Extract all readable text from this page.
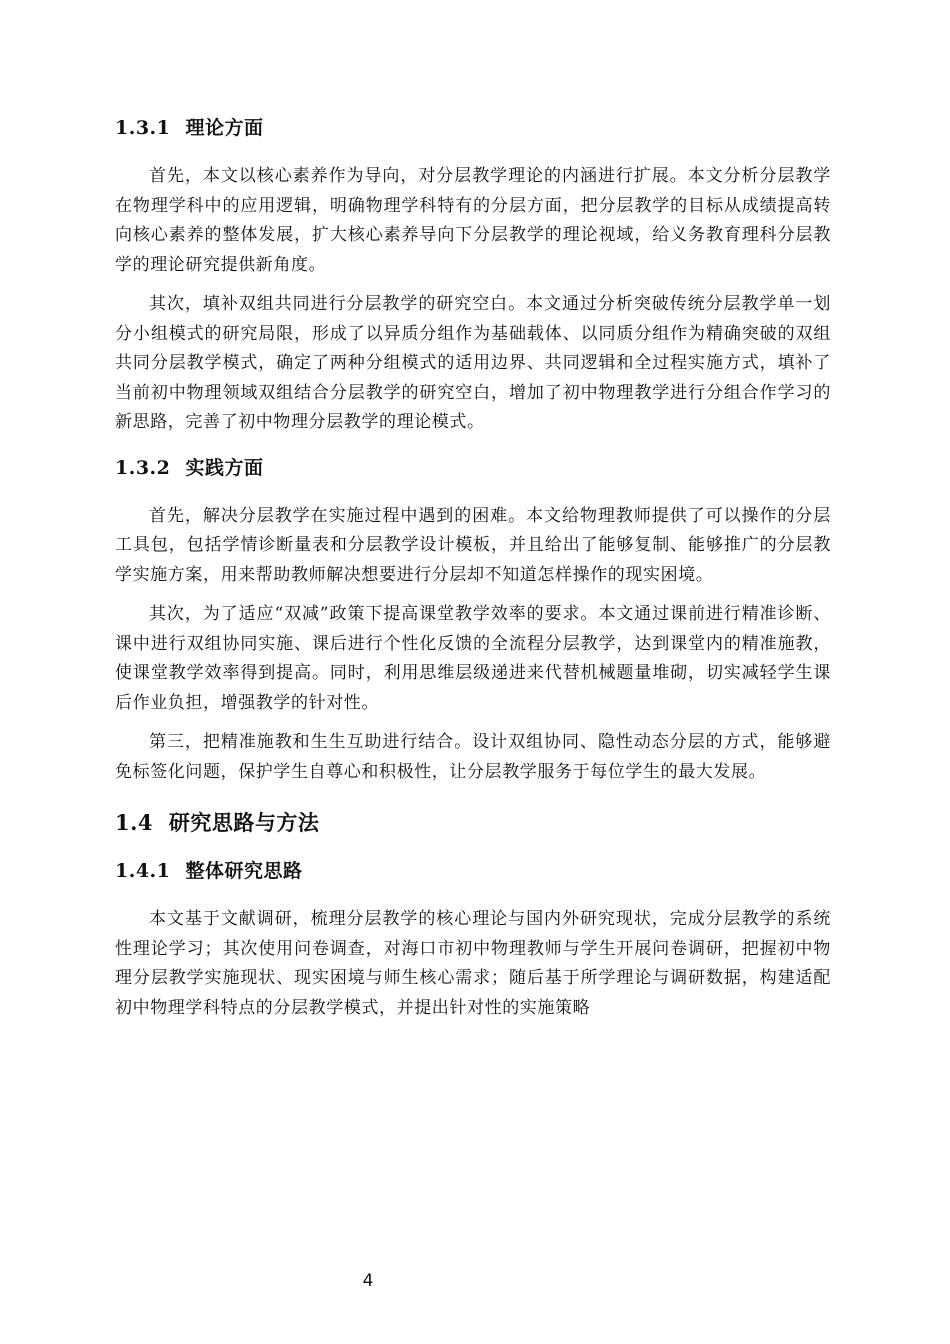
1.3.1 理论方面

首先，本文以核心素养作为导向，对分层教学理论的内涵进行扩展。本文分析分层教学在物理学科中的应用逻辑，明确物理学科特有的分层方面，把分层教学的目标从成绩提高转向核心素养的整体发展，扩大核心素养导向下分层教学的理论视域，给义务教育理科分层教学的理论研究提供新角度。

其次，填补双组共同进行分层教学的研究空白。本文通过分析突破传统分层教学单一划分小组模式的研究局限，形成了以异质分组作为基础载体、以同质分组作为精确突破的双组共同分层教学模式，确定了两种分组模式的适用边界、共同逻辑和全过程实施方式，填补了当前初中物理领域双组结合分层教学的研究空白，增加了初中物理教学进行分组合作学习的新思路，完善了初中物理分层教学的理论模式。

1.3.2 实践方面

首先，解决分层教学在实施过程中遇到的困难。本文给物理教师提供了可以操作的分层工具包，包括学情诊断量表和分层教学设计模板，并且给出了能够复制、能够推广的分层教学实施方案，用来帮助教师解决想要进行分层却不知道怎样操作的现实困境。

其次，为了适应“双减”政策下提高课堂教学效率的要求。本文通过课前进行精准诊断、课中进行双组协同实施、课后进行个性化反馈的全流程分层教学，达到课堂内的精准施教，使课堂教学效率得到提高。同时，利用思维层级递进来代替机械题量堆砌，切实减轻学生课后作业负担，增强教学的针对性。

第三，把精准施教和生生互助进行结合。设计双组协同、隐性动态分层的方式，能够避免标签化问题，保护学生自尊心和积极性，让分层教学服务于每位学生的最大发展。

1.4 研究思路与方法
1.4.1 整体研究思路

本文基于文献调研，梳理分层教学的核心理论与国内外研究现状，完成分层教学的系统性理论学习；其次使用问卷调查，对海口市初中物理教师与学生开展问卷调研，把握初中物理分层教学实施现状、现实困境与师生核心需求；随后基于所学理论与调研数据，构建适配初中物理学科特点的分层教学模式，并提出针对性的实施策略

4
